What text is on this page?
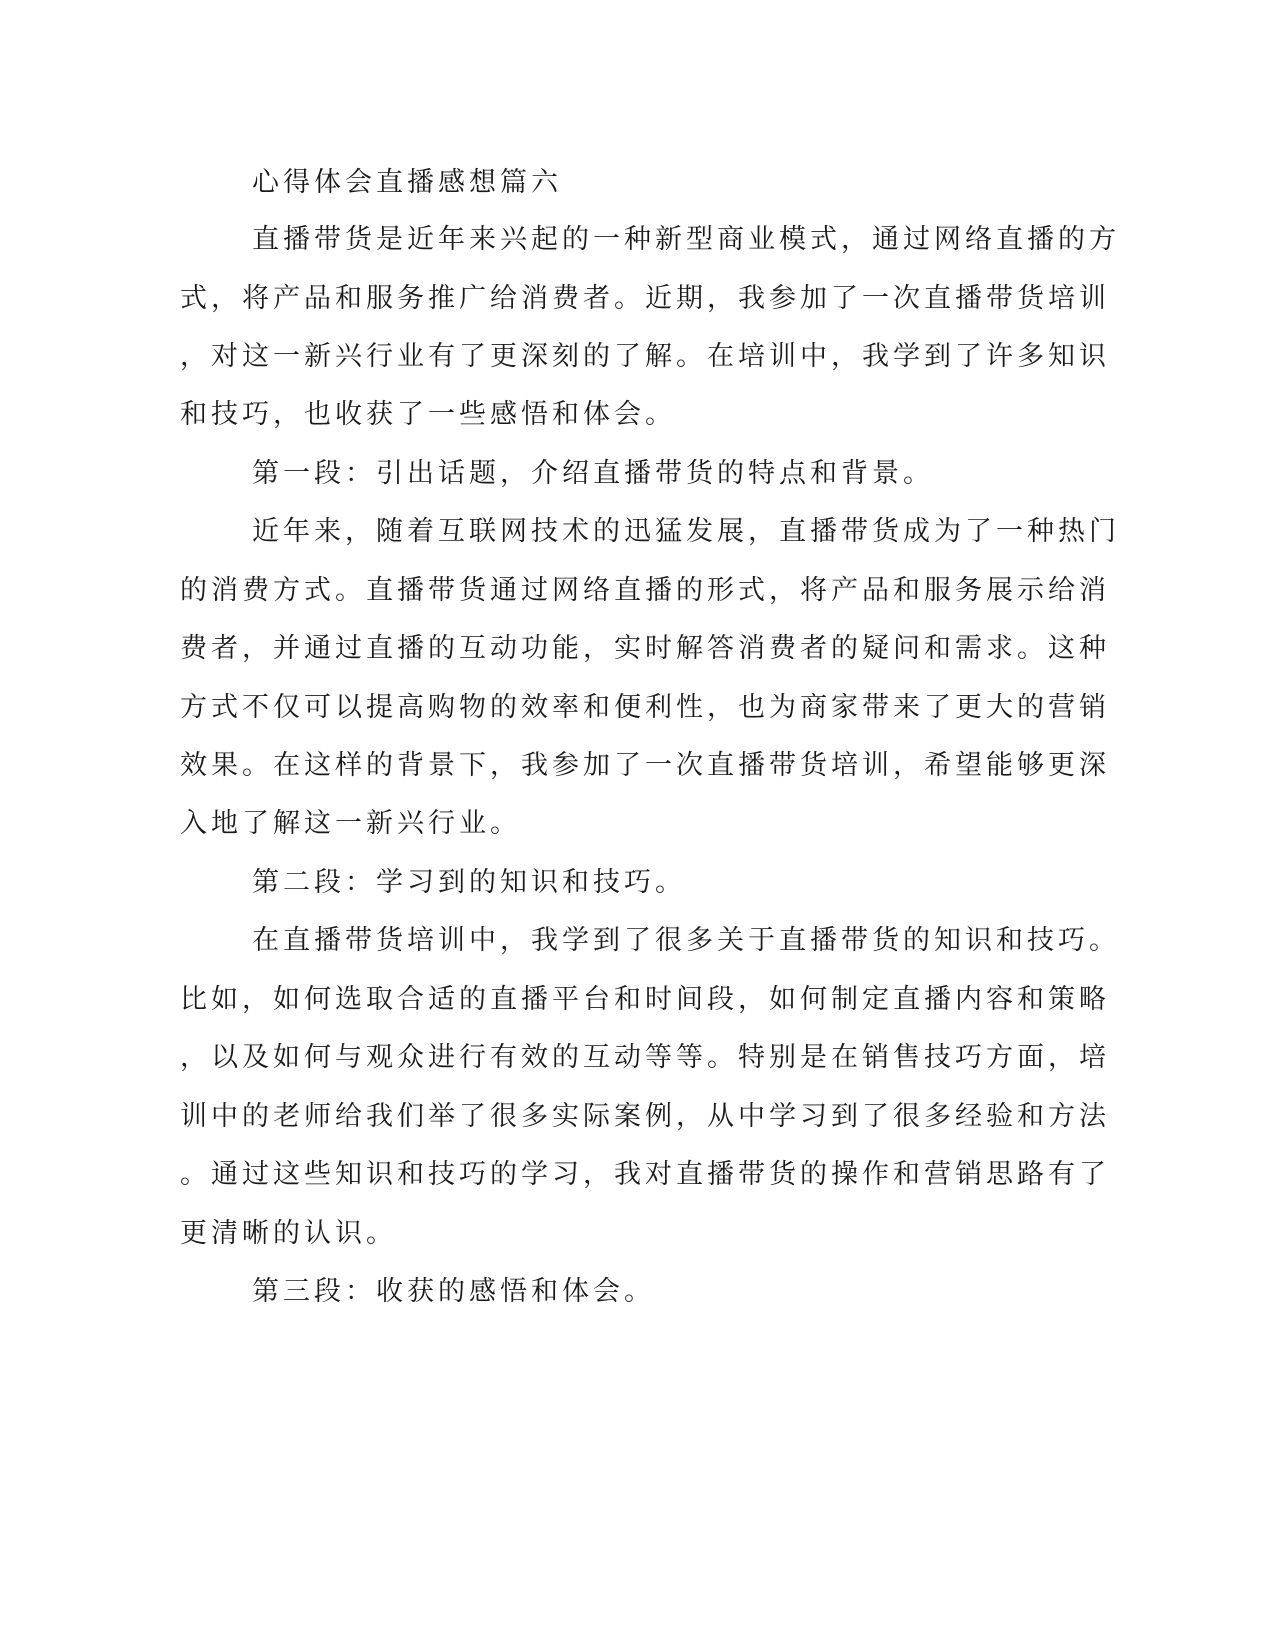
心得体会直播感想篇六

直播带货是近年来兴起的一种新型商业模式，通过网络直播的方

式，将产品和服务推广给消费者。近期，我参加了一次直播带货培训

，对这一新兴行业有了更深刻的了解。在培训中，我学到了许多知识

和技巧，也收获了一些感悟和体会。

第一段：引出话题，介绍直播带货的特点和背景。

近年来，随着互联网技术的迅猛发展，直播带货成为了一种热门

的消费方式。直播带货通过网络直播的形式，将产品和服务展示给消

费者，并通过直播的互动功能，实时解答消费者的疑问和需求。这种

方式不仅可以提高购物的效率和便利性，也为商家带来了更大的营销

效果。在这样的背景下，我参加了一次直播带货培训，希望能够更深

入地了解这一新兴行业。

第二段：学习到的知识和技巧。

在直播带货培训中，我学到了很多关于直播带货的知识和技巧。

比如，如何选取合适的直播平台和时间段，如何制定直播内容和策略

，以及如何与观众进行有效的互动等等。特别是在销售技巧方面，培

训中的老师给我们举了很多实际案例，从中学习到了很多经验和方法

。通过这些知识和技巧的学习，我对直播带货的操作和营销思路有了

更清晰的认识。

第三段：收获的感悟和体会。
